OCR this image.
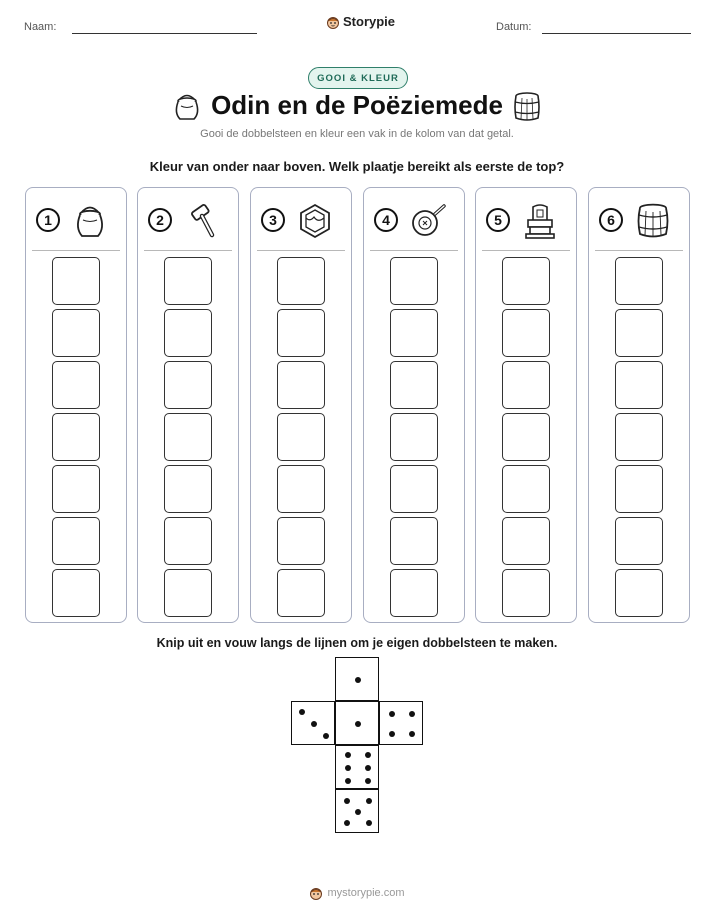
Naam:	Storypie	Datum:
GOOI & KLEUR
Odin en de Poëziemede
Gooi de dobbelsteen en kleur een vak in de kolom van dat getal.
Kleur van onder naar boven. Welk plaatje bereikt als eerste de top?
1	2	3	4	5	6
Knip uit en vouw langs de lijnen om je eigen dobbelsteen te maken.
mystorypie.com
